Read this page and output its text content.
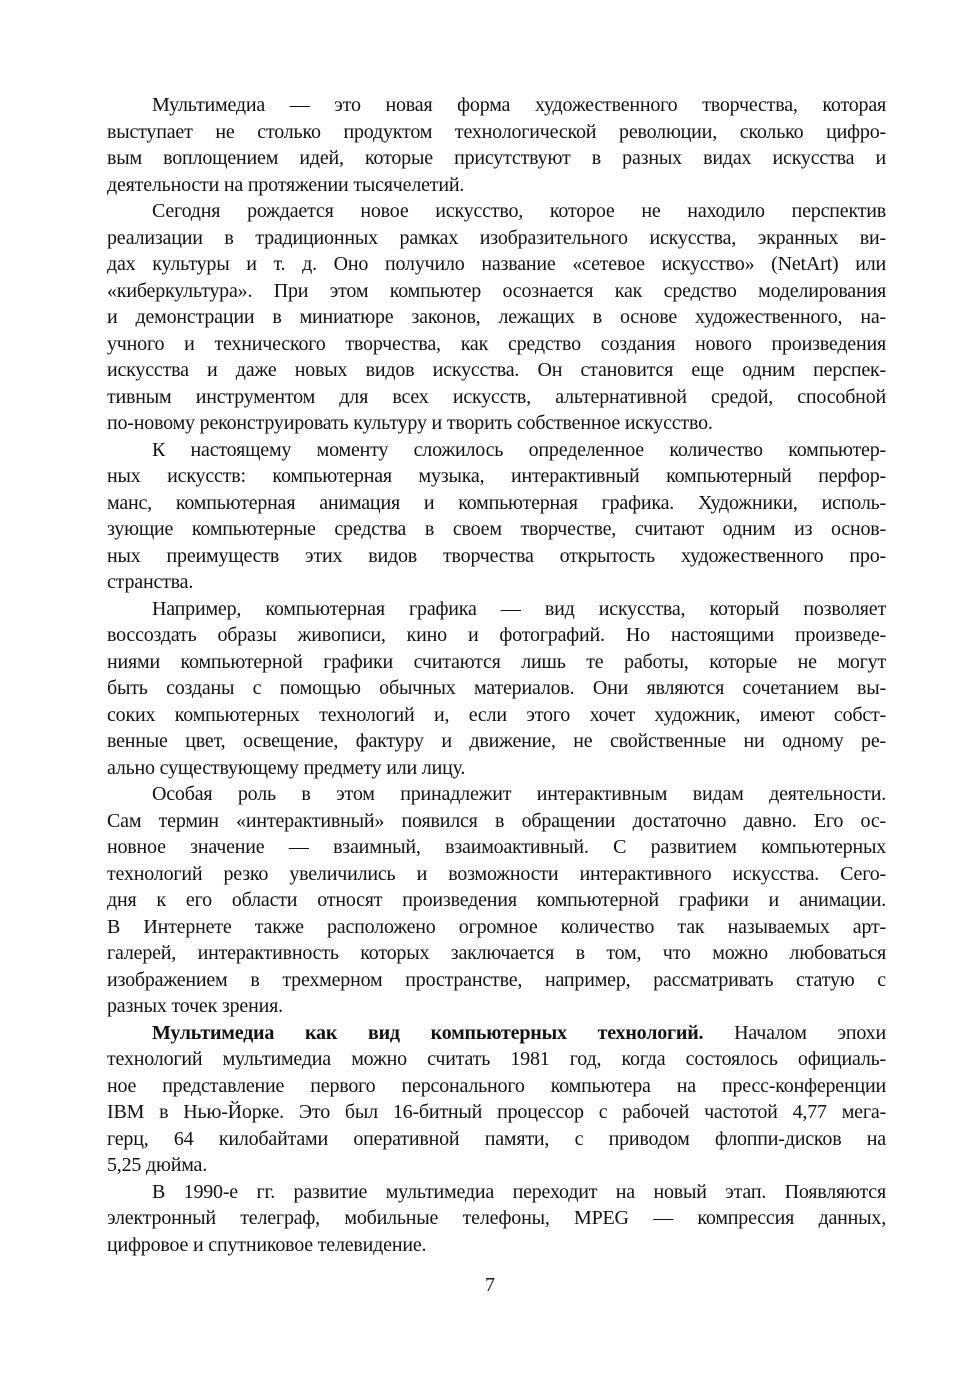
Мультимедиа — это новая форма художественного творчества, которая
выступает не столько продуктом технологической революции, сколько цифро-
вым воплощением идей, которые присутствуют в разных видах искусства и
деятельности на протяжении тысячелетий.
Сегодня рождается новое искусство, которое не находило перспектив
реализации в традиционных рамках изобразительного искусства, экранных ви-
дах культуры и т. д. Оно получило название «сетевое искусство» (NetArt) или
«киберкультура». При этом компьютер осознается как средство моделирования
и демонстрации в миниатюре законов, лежащих в основе художественного, на-
учного и технического творчества, как средство создания нового произведения
искусства и даже новых видов искусства. Он становится еще одним перспек-
тивным инструментом для всех искусств, альтернативной средой, способной
по-новому реконструировать культуру и творить собственное искусство.
К настоящему моменту сложилось определенное количество компьютер-
ных искусств: компьютерная музыка, интерактивный компьютерный перфор-
манс, компьютерная анимация и компьютерная графика. Художники, исполь-
зующие компьютерные средства в своем творчестве, считают одним из основ-
ных преимуществ этих видов творчества открытость художественного про-
странства.
Например, компьютерная графика — вид искусства, который позволяет
воссоздать образы живописи, кино и фотографий. Но настоящими произведе-
ниями компьютерной графики считаются лишь те работы, которые не могут
быть созданы с помощью обычных материалов. Они являются сочетанием вы-
соких компьютерных технологий и, если этого хочет художник, имеют собст-
венные цвет, освещение, фактуру и движение, не свойственные ни одному ре-
ально существующему предмету или лицу.
Особая роль в этом принадлежит интерактивным видам деятельности.
Сам термин «интерактивный» появился в обращении достаточно давно. Его ос-
новное значение — взаимный, взаимоактивный. С развитием компьютерных
технологий резко увеличились и возможности интерактивного искусства. Сего-
дня к его области относят произведения компьютерной графики и анимации.
В Интернете также расположено огромное количество так называемых арт-
галерей, интерактивность которых заключается в том, что можно любоваться
изображением в трехмерном пространстве, например, рассматривать статую с
разных точек зрения.
Мультимедиа как вид компьютерных технологий. Началом эпохи
технологий мультимедиа можно считать 1981 год, когда состоялось официаль-
ное представление первого персонального компьютера на пресс-конференции
IBM в Нью-Йорке. Это был 16-битный процессор с рабочей частотой 4,77 мега-
герц, 64 килобайтами оперативной памяти, с приводом флоппи-дисков на
5,25 дюйма.
В 1990-е гг. развитие мультимедиа переходит на новый этап. Появляются
электронный телеграф, мобильные телефоны, MPEG — компрессия данных,
цифровое и спутниковое телевидение.
7
